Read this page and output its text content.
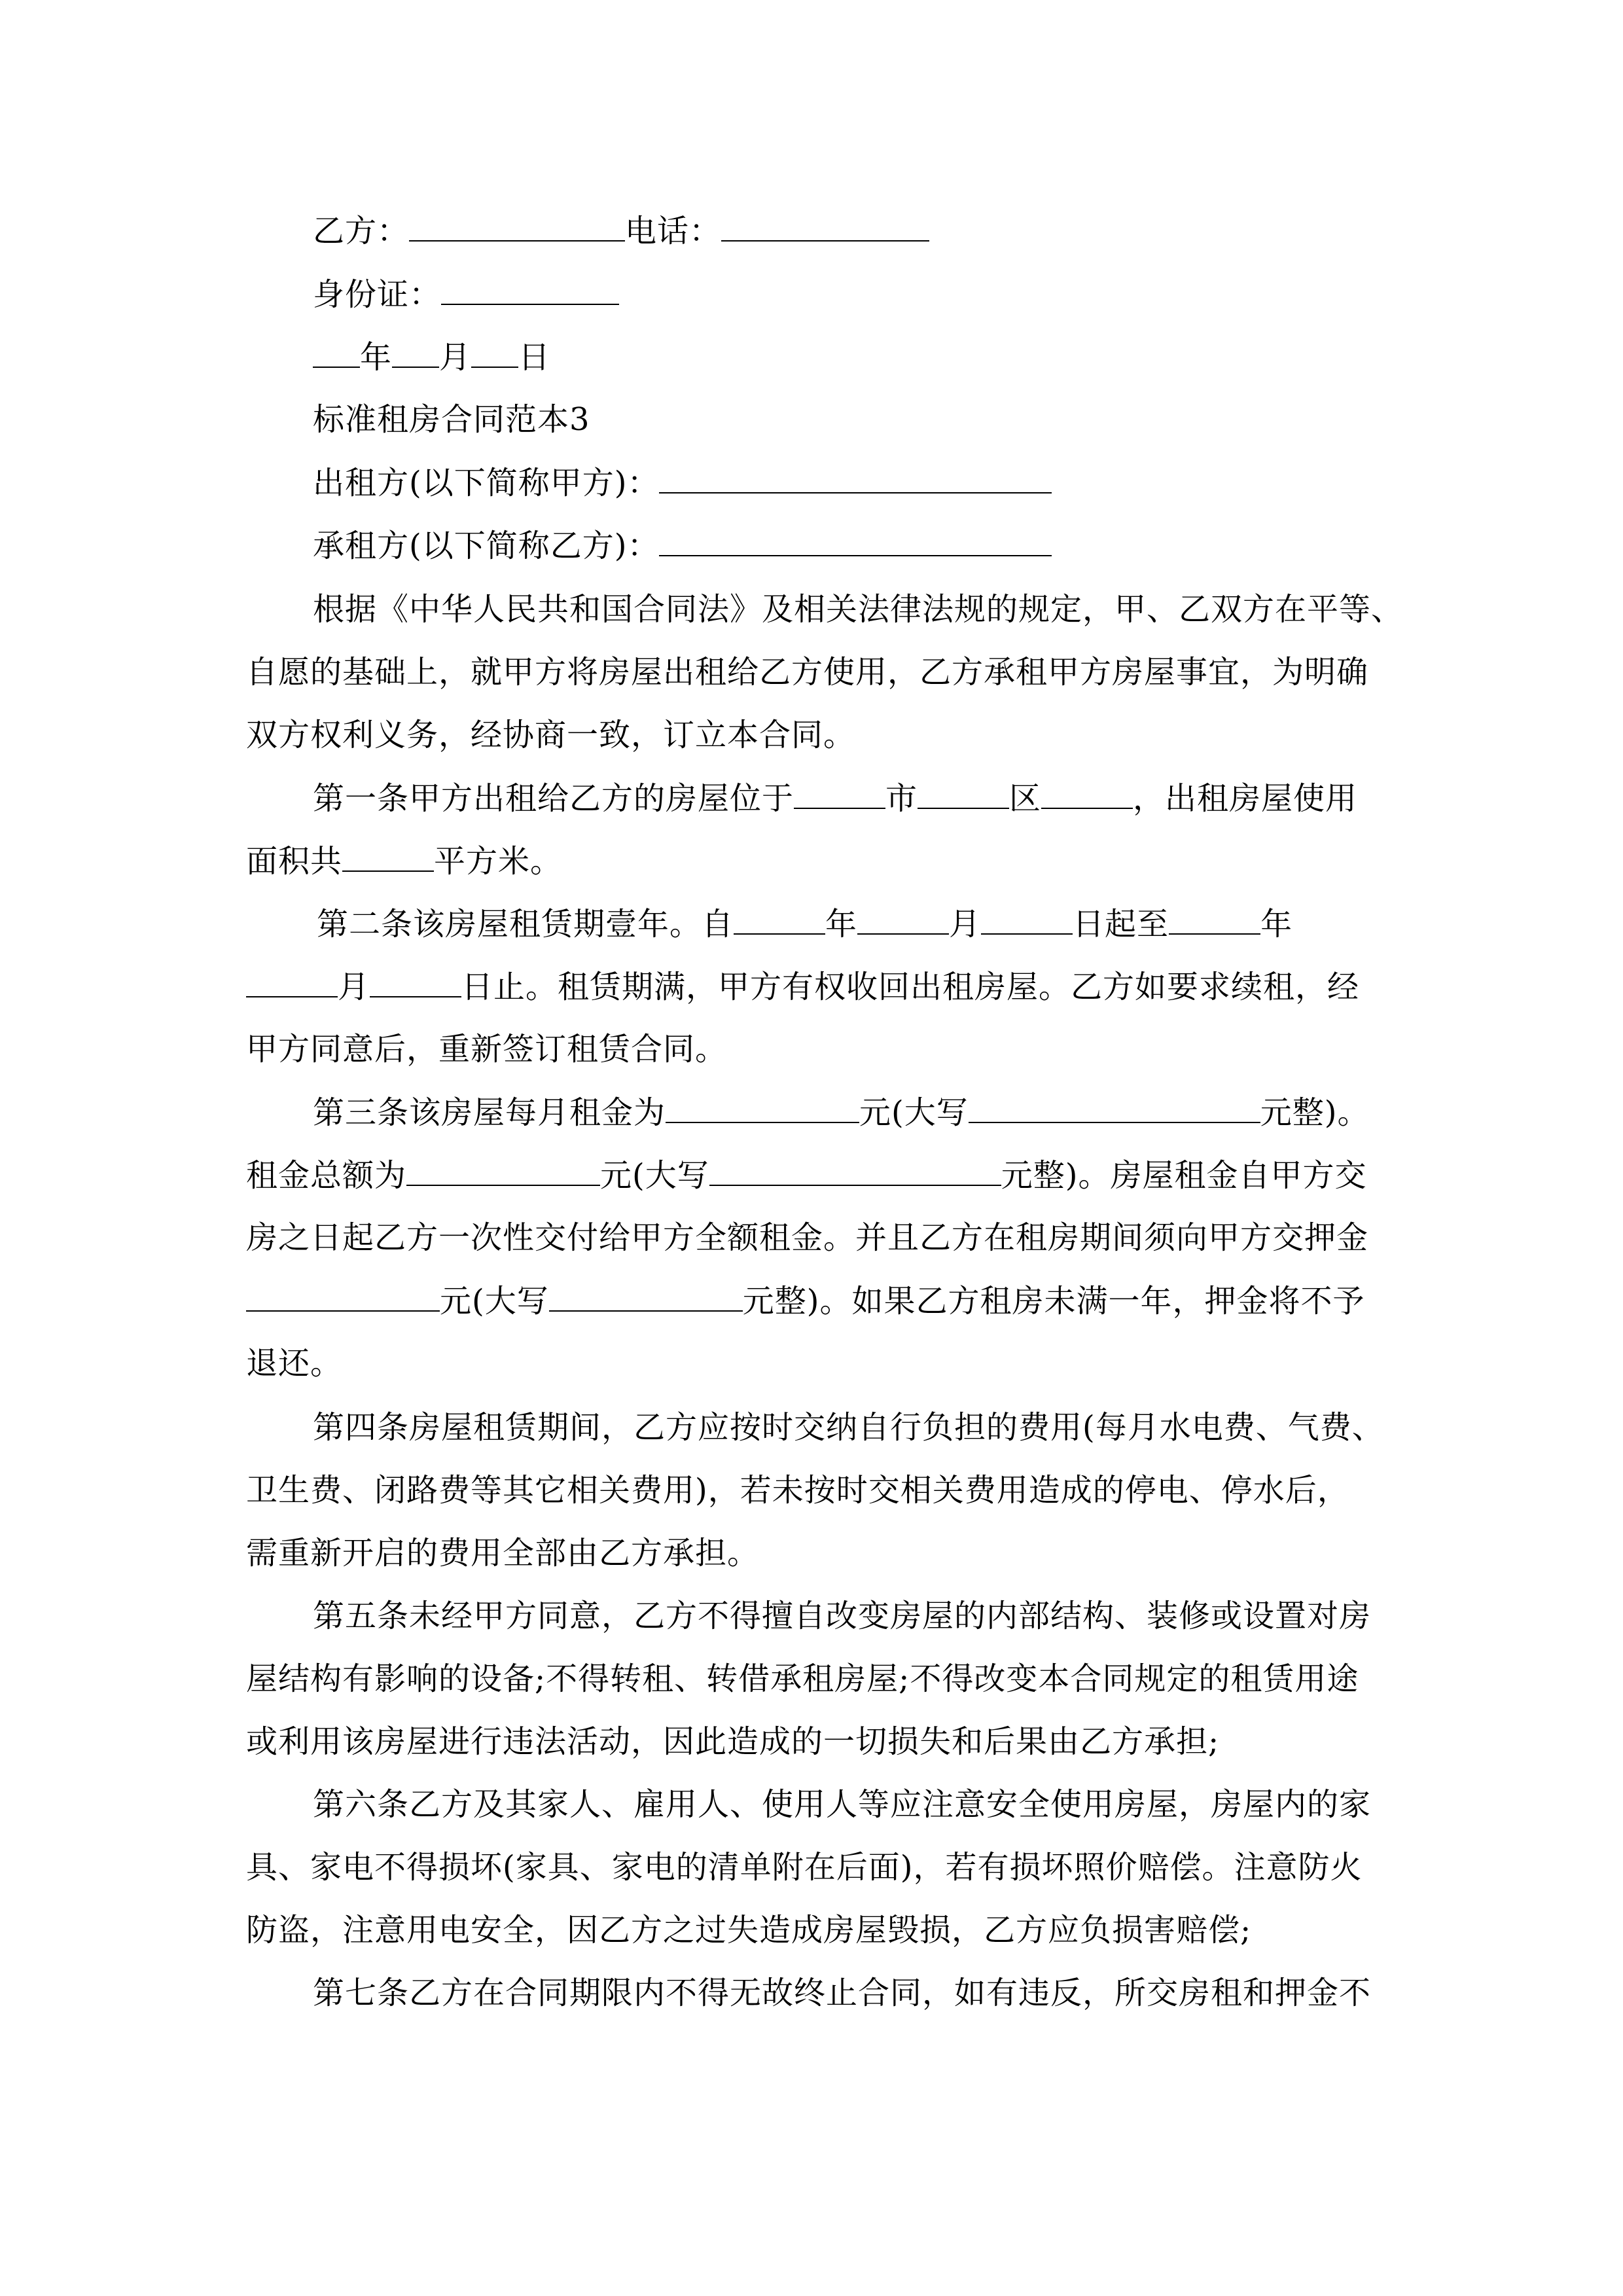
乙方：	电话：
身份证：
年 月 日
标准租房合同范本3
出租方(以下简称甲方)：
承租方(以下简称乙方)：
根据《中华人民共和国合同法》及相关法律法规的规定，甲、乙双方在平等、
自愿的基础上，就甲方将房屋出租给乙方使用，乙方承租甲方房屋事宜，为明确
双方权利义务，经协商一致，订立本合同。
第一条甲方出租给乙方的房屋位于	市	区	，出租房屋使用
面积共	平方米。
第二条该房屋租赁期壹年。自	年	月	日起至	年
月	日止。租赁期满，甲方有权收回出租房屋。乙方如要求续租，经
甲方同意后，重新签订租赁合同。
第三条该房屋每月租金为	元(大写	元整)。
租金总额为	元(大写	元整)。房屋租金自甲方交
房之日起乙方一次性交付给甲方全额租金。并且乙方在租房期间须向甲方交押金
元(大写	元整)。如果乙方租房未满一年，押金将不予
退还。
第四条房屋租赁期间，乙方应按时交纳自行负担的费用(每月水电费、气费、
卫生费、闭路费等其它相关费用)，若未按时交相关费用造成的停电、停水后，
需重新开启的费用全部由乙方承担。
第五条未经甲方同意，乙方不得擅自改变房屋的内部结构、装修或设置对房
屋结构有影响的设备;不得转租、转借承租房屋;不得改变本合同规定的租赁用途
或利用该房屋进行违法活动，因此造成的一切损失和后果由乙方承担;
第六条乙方及其家人、雇用人、使用人等应注意安全使用房屋，房屋内的家
具、家电不得损坏(家具、家电的清单附在后面)，若有损坏照价赔偿。注意防火
防盗，注意用电安全，因乙方之过失造成房屋毁损，乙方应负损害赔偿;
第七条乙方在合同期限内不得无故终止合同，如有违反，所交房租和押金不
